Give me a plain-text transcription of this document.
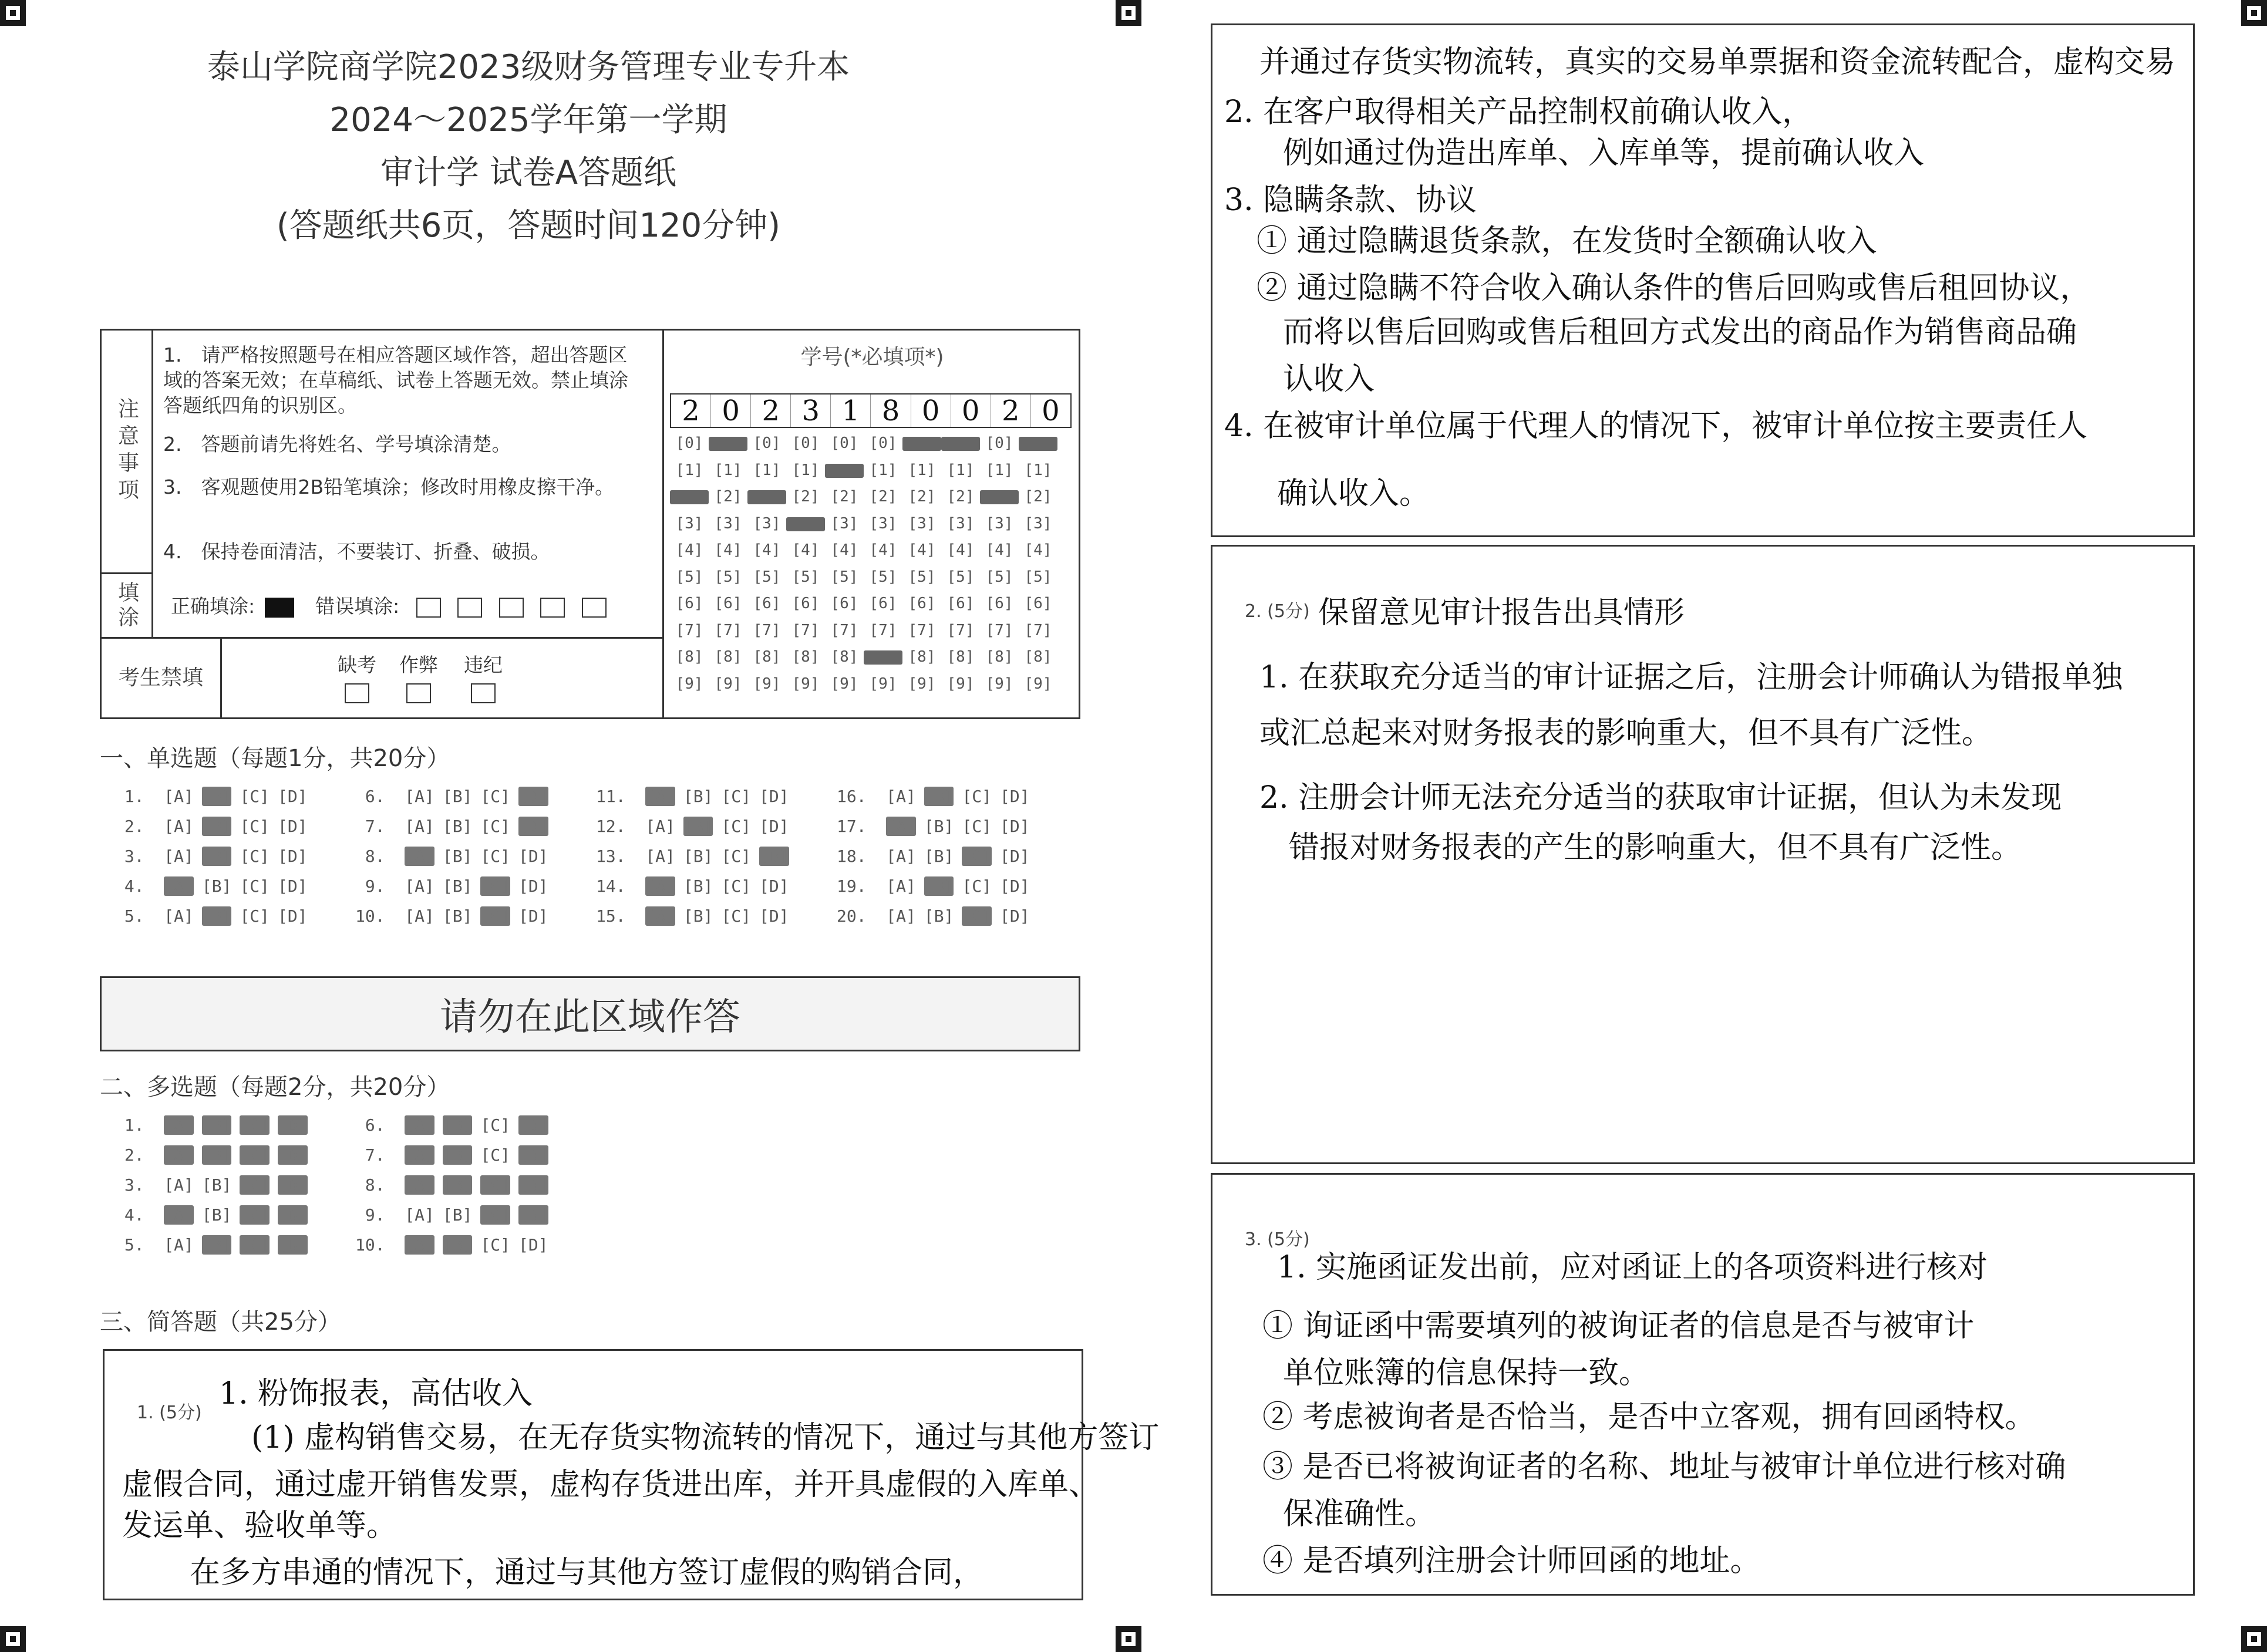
泰山学院商学院2023级财务管理专业专升本
2024～2025学年第一学期
审计学 试卷A答题纸
(答题纸共6页，答题时间120分钟)
注意事项
1.　请严格按照题号在相应答题区域作答，超出答题区域的答案无效；在草稿纸、试卷上答题无效。禁止填涂答题纸四角的识别区。
2.　答题前请先将姓名、学号填涂清楚。
3.　客观题使用2B铅笔填涂；修改时用橡皮擦干净。
4.　保持卷面清洁，不要装订、折叠、破损。
填涂 正确填涂:	错误填涂:
考生禁填
缺考	作弊	违纪

学号(*必填项*)
2 0 2 3 1 8 0 0 2 0
[0]	[0] [0] [0] [0]	[0]
[1] [1] [1] [1]	[1] [1] [1] [1] [1]
[2]	[2] [2] [2] [2] [2]	[2]
[3] [3] [3]	[3] [3] [3] [3] [3] [3]
[4] [4] [4] [4] [4] [4] [4] [4] [4] [4]
[5] [5] [5] [5] [5] [5] [5] [5] [5] [5]
[6] [6] [6] [6] [6] [6] [6] [6] [6] [6]
[7] [7] [7] [7] [7] [7] [7] [7] [7] [7]
[8] [8] [8] [8] [8]	[8] [8] [8] [8]
[9] [9] [9] [9] [9] [9] [9] [9] [9] [9]
一、单选题（每题1分，共20分）
1.  [A] [B] [C] [D]
2.  [A] [B] [C] [D]
3.  [A] [B] [C] [D]
4.  [A] [B] [C] [D]
5.  [A] [B] [C] [D]
6.  [A] [B] [C] [D]
7.  [A] [B] [C] [D]
8.  [A] [B] [C] [D]
9.  [A] [B] [C] [D]
10.  [A] [B] [C] [D]
11.  [A] [B] [C] [D]
12.  [A] [B] [C] [D]
13.  [A] [B] [C] [D]
14.  [A] [B] [C] [D]
15.  [A] [B] [C] [D]
16.  [A] [B] [C] [D]
17.  [A] [B] [C] [D]
18.  [A] [B] [C] [D]
19.  [A] [B] [C] [D]
20.  [A] [B] [C] [D]
请勿在此区域作答
二、多选题（每题2分，共20分）
1.  [A] [B] [C] [D]
2.  [A] [B] [C] [D]
3.  [A] [B] [C] [D]
4.  [A] [B] [C] [D]
5.  [A] [B] [C] [D]
6.  [A] [B] [C] [D]
7.  [A] [B] [C] [D]
8.  [A] [B] [C] [D]
9.  [A] [B] [C] [D]
10.  [A] [B] [C] [D]
三、简答题（共25分）
1. (5分)
1. 粉饰报表，高估收入
(1) 虚构销售交易，在无存货实物流转的情况下，通过与其他方签订
虚假合同，通过虚开销售发票，虚构存货进出库，并开具虚假的入库单、
发运单、验收单等。
在多方串通的情况下，通过与其他方签订虚假的购销合同，
并通过存货实物流转，真实的交易单票据和资金流转配合，虚构交易
2. 在客户取得相关产品控制权前确认收入，
例如通过伪造出库单、入库单等，提前确认收入
3. 隐瞒条款、协议
① 通过隐瞒退货条款，在发货时全额确认收入
② 通过隐瞒不符合收入确认条件的售后回购或售后租回协议，
而将以售后回购或售后租回方式发出的商品作为销售商品确
认收入
4. 在被审计单位属于代理人的情况下，被审计单位按主要责任人
确认收入。
2. (5分) 保留意见审计报告出具情形
1. 在获取充分适当的审计证据之后，注册会计师确认为错报单独
或汇总起来对财务报表的影响重大，但不具有广泛性。
2. 注册会计师无法充分适当的获取审计证据，但认为未发现
错报对财务报表的产生的影响重大，但不具有广泛性。
3. (5分)
1. 实施函证发出前，应对函证上的各项资料进行核对
① 询证函中需要填列的被询证者的信息是否与被审计
单位账簿的信息保持一致。
② 考虑被询者是否恰当，是否中立客观，拥有回函特权。
③ 是否已将被询证者的名称、地址与被审计单位进行核对确
保准确性。
④ 是否填列注册会计师回函的地址。
